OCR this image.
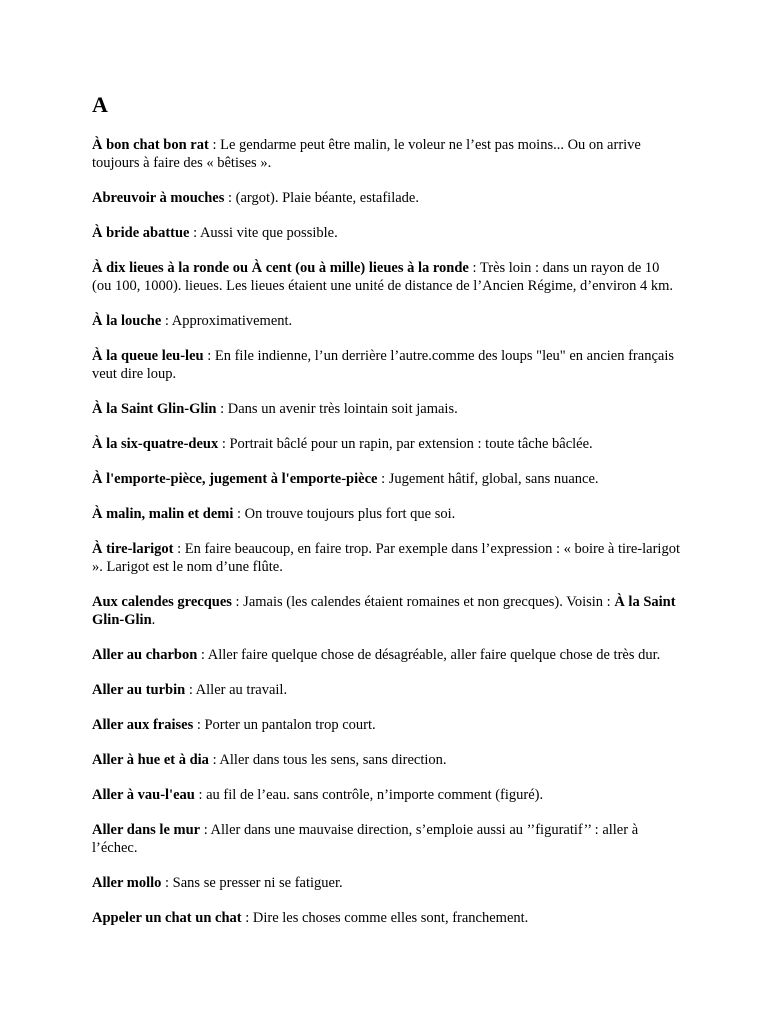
A

À bon chat bon rat : Le gendarme peut être malin, le voleur ne l’est pas moins... Ou on arrive toujours à faire des « bêtises ».

Abreuvoir à mouches : (argot). Plaie béante, estafilade.

À bride abattue : Aussi vite que possible.

À dix lieues à la ronde ou À cent (ou à mille) lieues à la ronde : Très loin : dans un rayon de 10 (ou 100, 1000). lieues. Les lieues étaient une unité de distance de l’Ancien Régime, d’environ 4 km.

À la louche : Approximativement.

À la queue leu-leu : En file indienne, l’un derrière l’autre.comme des loups "leu" en ancien français veut dire loup.

À la Saint Glin-Glin : Dans un avenir très lointain soit jamais.

À la six-quatre-deux : Portrait bâclé pour un rapin, par extension : toute tâche bâclée.

À l'emporte-pièce, jugement à l'emporte-pièce : Jugement hâtif, global, sans nuance.

À malin, malin et demi : On trouve toujours plus fort que soi.

À tire-larigot : En faire beaucoup, en faire trop. Par exemple dans l’expression : « boire à tire-larigot ». Larigot est le nom d’une flûte.

Aux calendes grecques : Jamais (les calendes étaient romaines et non grecques). Voisin : À la Saint Glin-Glin.

Aller au charbon : Aller faire quelque chose de désagréable, aller faire quelque chose de très dur.

Aller au turbin : Aller au travail.

Aller aux fraises : Porter un pantalon trop court.

Aller à hue et à dia : Aller dans tous les sens, sans direction.

Aller à vau-l'eau : au fil de l’eau. sans contrôle, n’importe comment (figuré).

Aller dans le mur : Aller dans une mauvaise direction, s’emploie aussi au ’’figuratif’’ : aller à l’échec.

Aller mollo : Sans se presser ni se fatiguer.

Appeler un chat un chat : Dire les choses comme elles sont, franchement.
